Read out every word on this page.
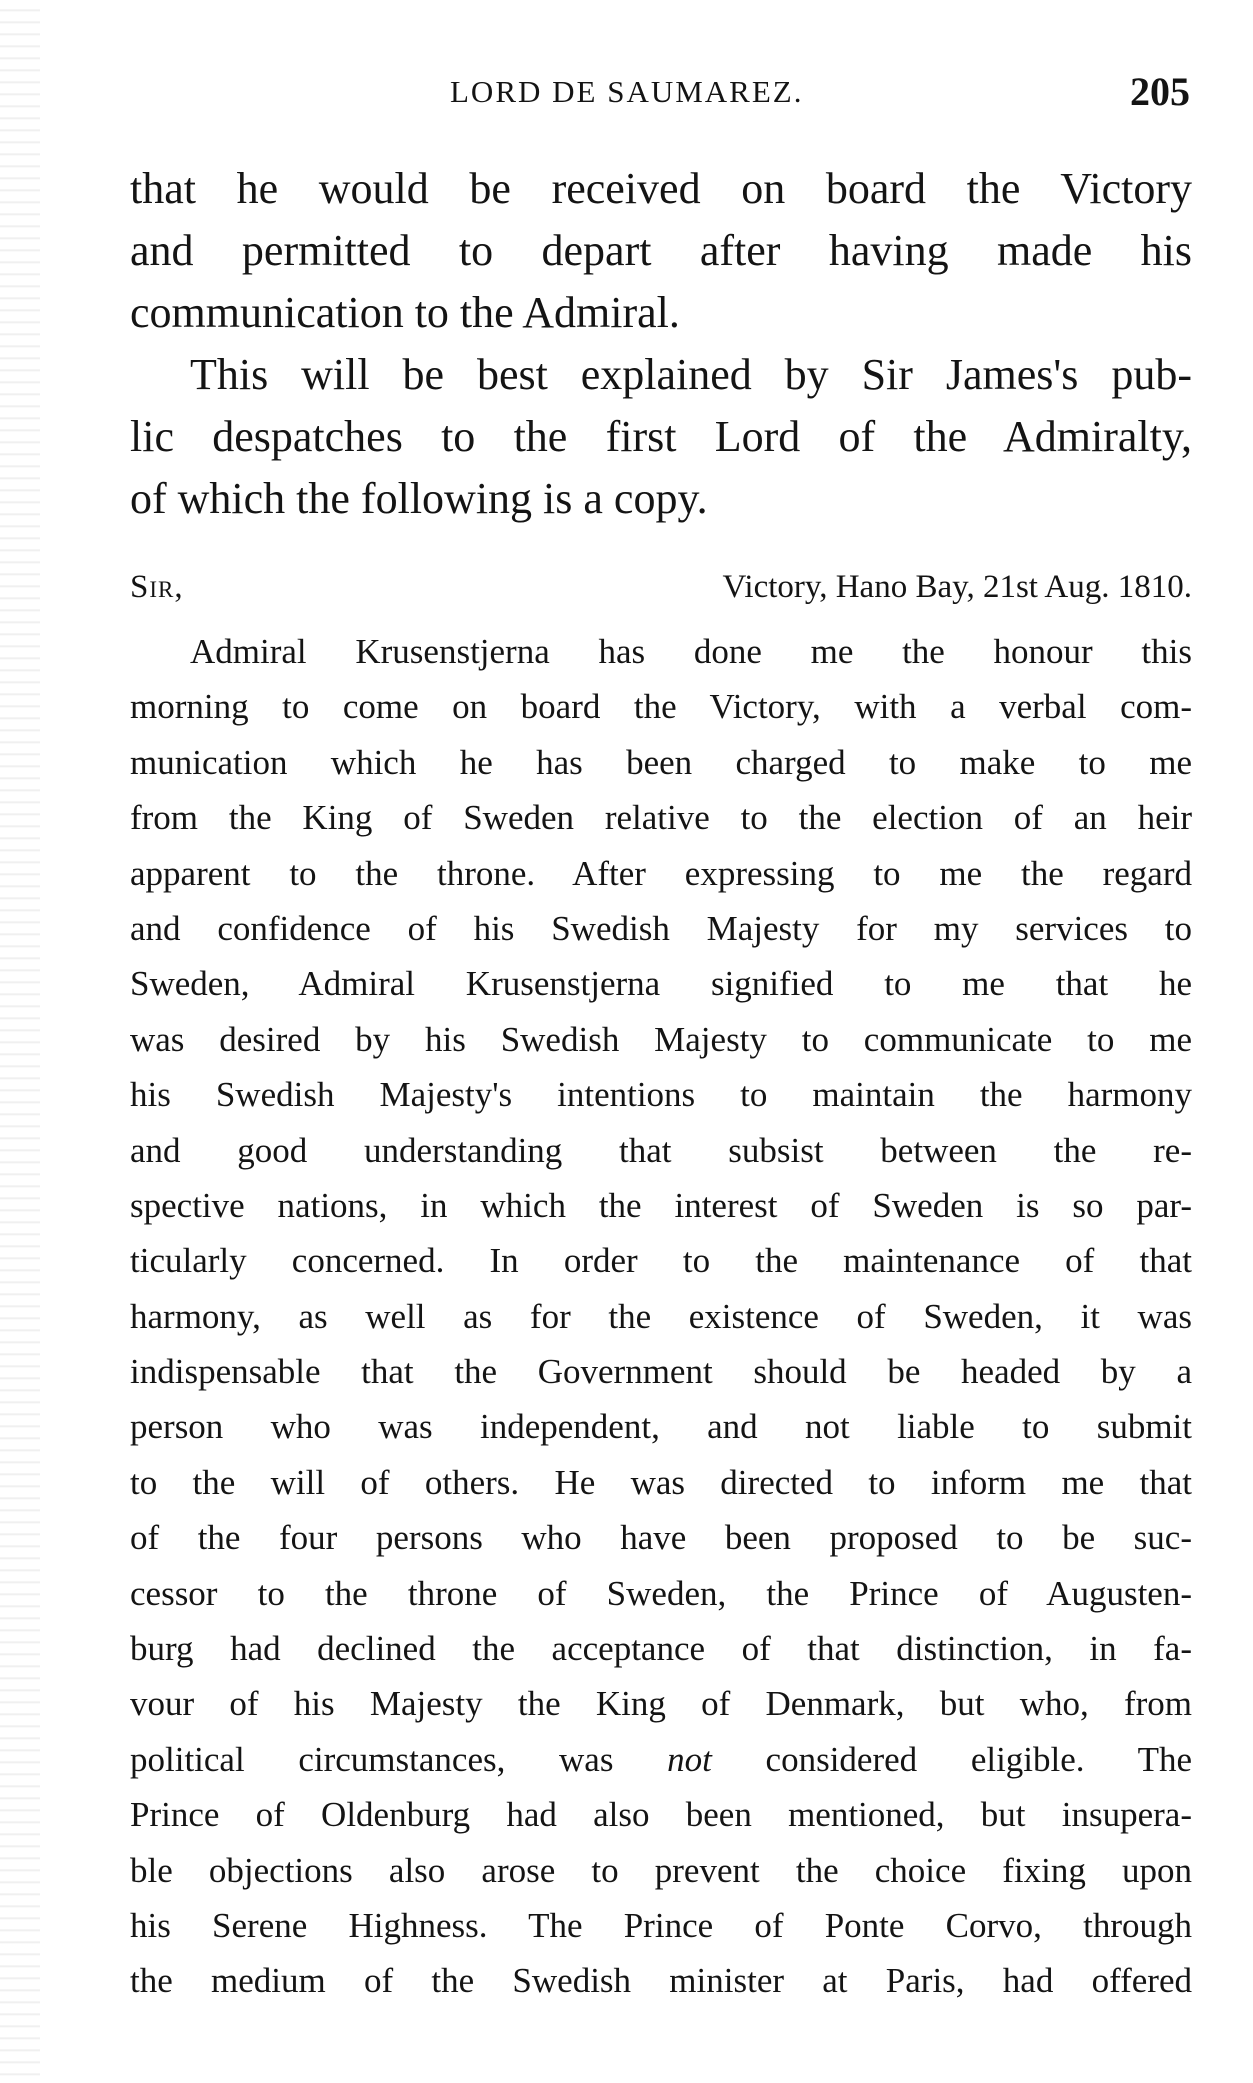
LORD DE SAUMAREZ.	205
that he would be received on board the Victory
and permitted to depart after having made his
communication to the Admiral.
This will be best explained by Sir James's pub-
lic despatches to the first Lord of the Admiralty,
of which the following is a copy.
Sir,	Victory, Hano Bay, 21st Aug. 1810.
Admiral Krusenstjerna has done me the honour this
morning to come on board the Victory, with a verbal com-
munication which he has been charged to make to me
from the King of Sweden relative to the election of an heir
apparent to the throne. After expressing to me the regard
and confidence of his Swedish Majesty for my services to
Sweden, Admiral Krusenstjerna signified to me that he
was desired by his Swedish Majesty to communicate to me
his Swedish Majesty's intentions to maintain the harmony
and good understanding that subsist between the re-
spective nations, in which the interest of Sweden is so par-
ticularly concerned. In order to the maintenance of that
harmony, as well as for the existence of Sweden, it was
indispensable that the Government should be headed by a
person who was independent, and not liable to submit
to the will of others. He was directed to inform me that
of the four persons who have been proposed to be suc-
cessor to the throne of Sweden, the Prince of Augusten-
burg had declined the acceptance of that distinction, in fa-
vour of his Majesty the King of Denmark, but who, from
political circumstances, was not considered eligible. The
Prince of Oldenburg had also been mentioned, but insupera-
ble objections also arose to prevent the choice fixing upon
his Serene Highness. The Prince of Ponte Corvo, through
the medium of the Swedish minister at Paris, had offered
